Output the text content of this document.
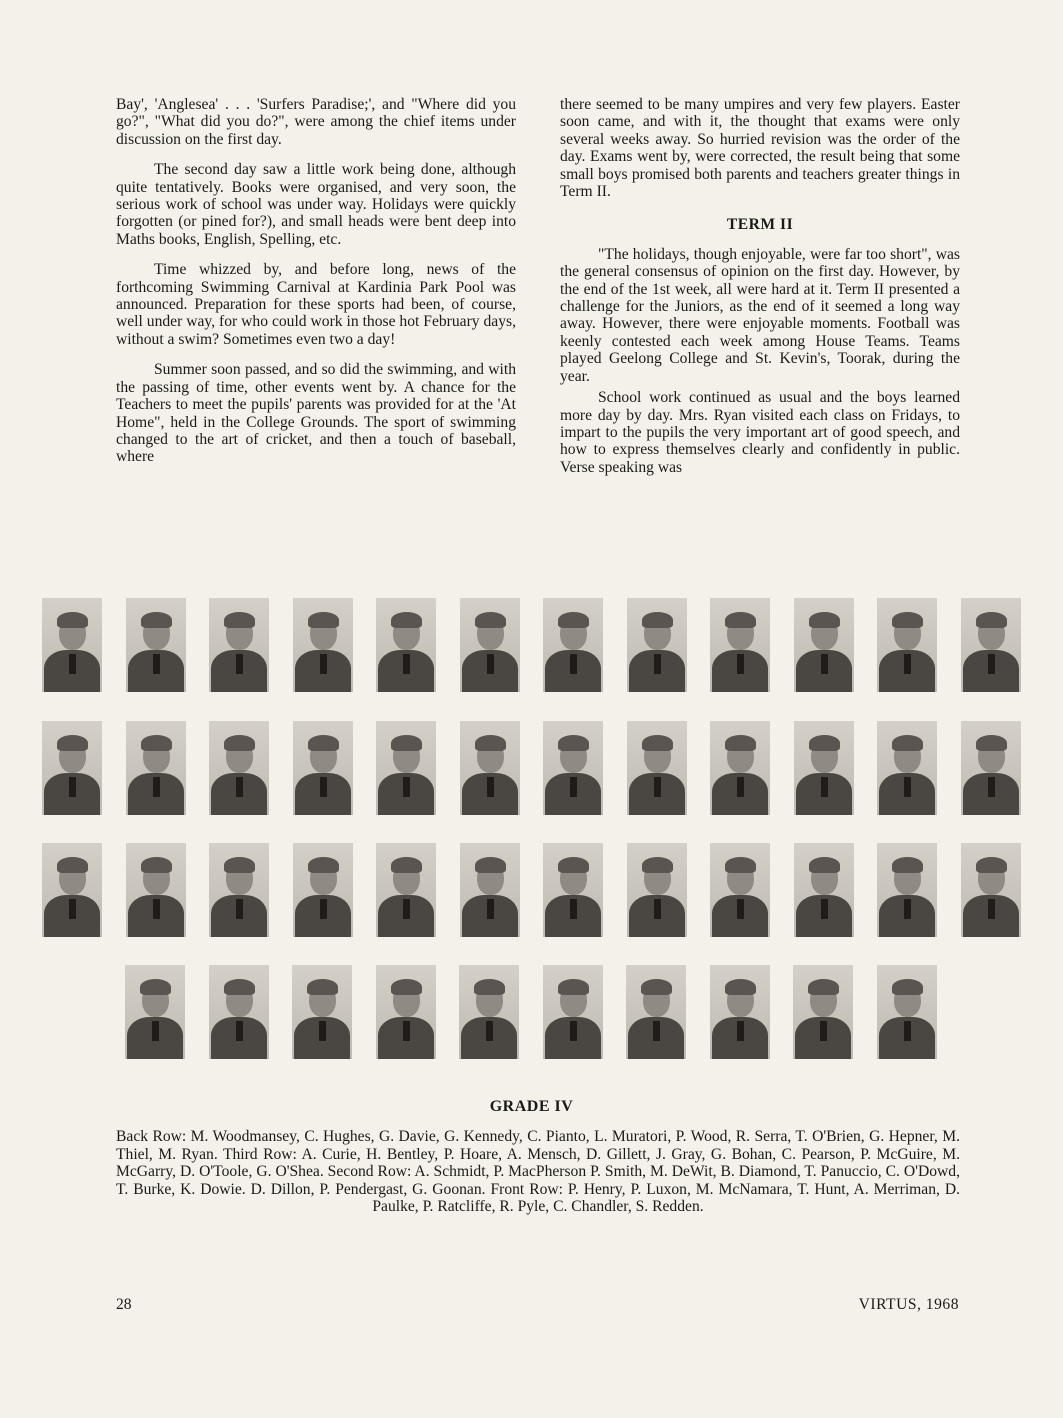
Bay', 'Anglesea' . . . 'Surfers Paradise;', and "Where did you go?", "What did you do?", were among the chief items under discussion on the first day.

The second day saw a little work being done, although quite tentatively. Books were organised, and very soon, the serious work of school was under way. Holidays were quickly forgotten (or pined for?), and small heads were bent deep into Maths books, English, Spelling, etc.

Time whizzed by, and before long, news of the forthcoming Swimming Carnival at Kardinia Park Pool was announced. Preparation for these sports had been, of course, well under way, for who could work in those hot February days, without a swim? Sometimes even two a day!

Summer soon passed, and so did the swimming, and with the passing of time, other events went by. A chance for the Teachers to meet the pupils' parents was provided for at the 'At Home", held in the College Grounds. The sport of swimming changed to the art of cricket, and then a touch of baseball, where

there seemed to be many umpires and very few players. Easter soon came, and with it, the thought that exams were only several weeks away. So hurried revision was the order of the day. Exams went by, were corrected, the result being that some small boys promised both parents and teachers greater things in Term II.

TERM II

"The holidays, though enjoyable, were far too short", was the general consensus of opinion on the first day. However, by the end of the 1st week, all were hard at it. Term II presented a challenge for the Juniors, as the end of it seemed a long way away. However, there were enjoyable moments. Football was keenly contested each week among House Teams. Teams played Geelong College and St. Kevin's, Toorak, during the year.

School work continued as usual and the boys learned more day by day. Mrs. Ryan visited each class on Fridays, to impart to the pupils the very important art of good speech, and how to express themselves clearly and confidently in public. Verse speaking was

GRADE IV
Back Row: M. Woodmansey, C. Hughes, G. Davie, G. Kennedy, C. Pianto, L. Muratori, P. Wood, R. Serra, T. O'Brien, G. Hepner, M. Thiel, M. Ryan. Third Row: A. Curie, H. Bentley, P. Hoare, A. Mensch, D. Gillett, J. Gray, G. Bohan, C. Pearson, P. McGuire, M. McGarry, D. O'Toole, G. O'Shea. Second Row: A. Schmidt, P. MacPherson P. Smith, M. DeWit, B. Diamond, T. Panuccio, C. O'Dowd, T. Burke, K. Dowie. D. Dillon, P. Pendergast, G. Goonan. Front Row: P. Henry, P. Luxon, M. McNamara, T. Hunt, A. Merriman, D. Paulke, P. Ratcliffe, R. Pyle, C. Chandler, S. Redden.
28	VIRTUS, 1968
